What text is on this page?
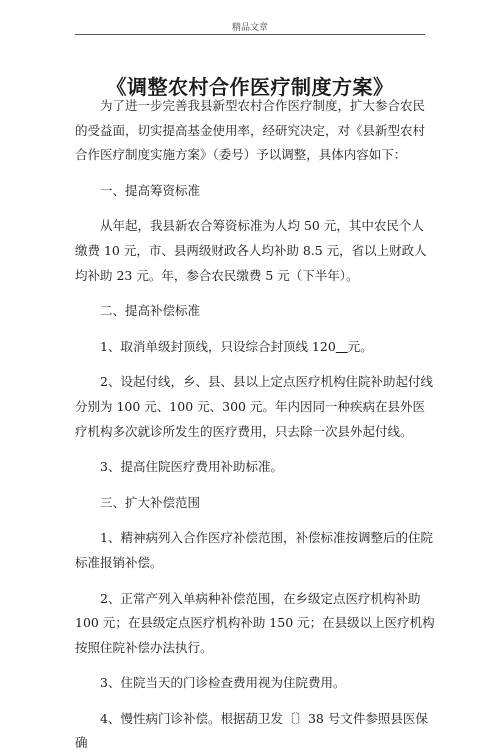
精品文章
《调整农村合作医疗制度方案》

为了进一步完善我县新型农村合作医疗制度，扩大参合农民的受益面，切实提高基金使用率，经研究决定，对《县新型农村合作医疗制度实施方案》（委号）予以调整，具体内容如下：

一、提高筹资标准

从年起，我县新农合筹资标准为人均 50 元，其中农民个人缴费 10 元，市、县两级财政各人均补助 8.5 元，省以上财政人均补助 23 元。年，参合农民缴费 5 元（下半年）。

二、提高补偿标准

1、取消单级封顶线，只设综合封顶线 120 元。

2、设起付线，乡、县、县以上定点医疗机构住院补助起付线分别为 100 元、100 元、300 元。年内因同一种疾病在县外医疗机构多次就诊所发生的医疗费用，只去除一次县外起付线。

3、提高住院医疗费用补助标准。

三、扩大补偿范围

1、精神病列入合作医疗补偿范围，补偿标准按调整后的住院标准报销补偿。

2、正常产列入单病种补偿范围，在乡级定点医疗机构补助 100 元；在县级定点医疗机构补助 150 元；在县级以上医疗机构按照住院补偿办法执行。

3、住院当天的门诊检查费用视为住院费用。

4、慢性病门诊补偿。根据葫卫发〔〕38 号文件参照县医保确
